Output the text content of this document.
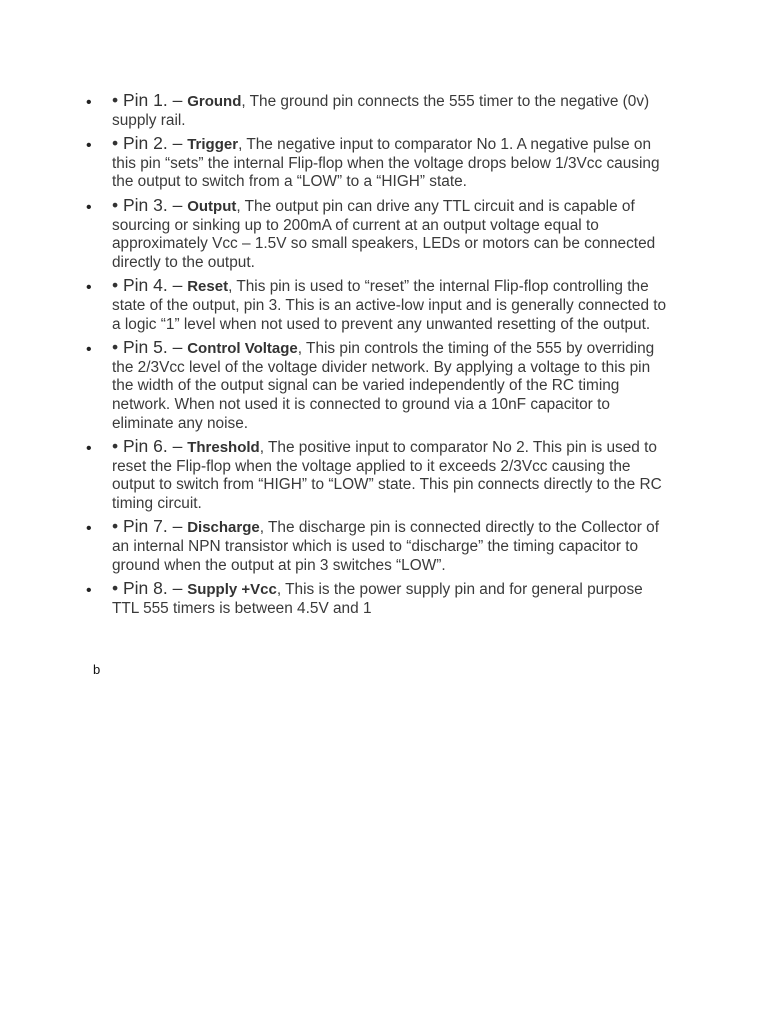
• • Pin 1. – Ground, The ground pin connects the 555 timer to the negative (0v) supply rail.
• • Pin 2. – Trigger, The negative input to comparator No 1. A negative pulse on this pin “sets” the internal Flip-flop when the voltage drops below 1/3Vcc causing the output to switch from a “LOW” to a “HIGH” state.
• • Pin 3. – Output, The output pin can drive any TTL circuit and is capable of sourcing or sinking up to 200mA of current at an output voltage equal to approximately Vcc – 1.5V so small speakers, LEDs or motors can be connected directly to the output.
• • Pin 4. – Reset, This pin is used to “reset” the internal Flip-flop controlling the state of the output, pin 3. This is an active-low input and is generally connected to a logic “1” level when not used to prevent any unwanted resetting of the output.
• • Pin 5. – Control Voltage, This pin controls the timing of the 555 by overriding the 2/3Vcc level of the voltage divider network. By applying a voltage to this pin the width of the output signal can be varied independently of the RC timing network. When not used it is connected to ground via a 10nF capacitor to eliminate any noise.
• • Pin 6. – Threshold, The positive input to comparator No 2. This pin is used to reset the Flip-flop when the voltage applied to it exceeds 2/3Vcc causing the output to switch from “HIGH” to “LOW” state. This pin connects directly to the RC timing circuit.
• • Pin 7. – Discharge, The discharge pin is connected directly to the Collector of an internal NPN transistor which is used to “discharge” the timing capacitor to ground when the output at pin 3 switches “LOW”.
• • Pin 8. – Supply +Vcc, This is the power supply pin and for general purpose TTL 555 timers is between 4.5V and 1
b
